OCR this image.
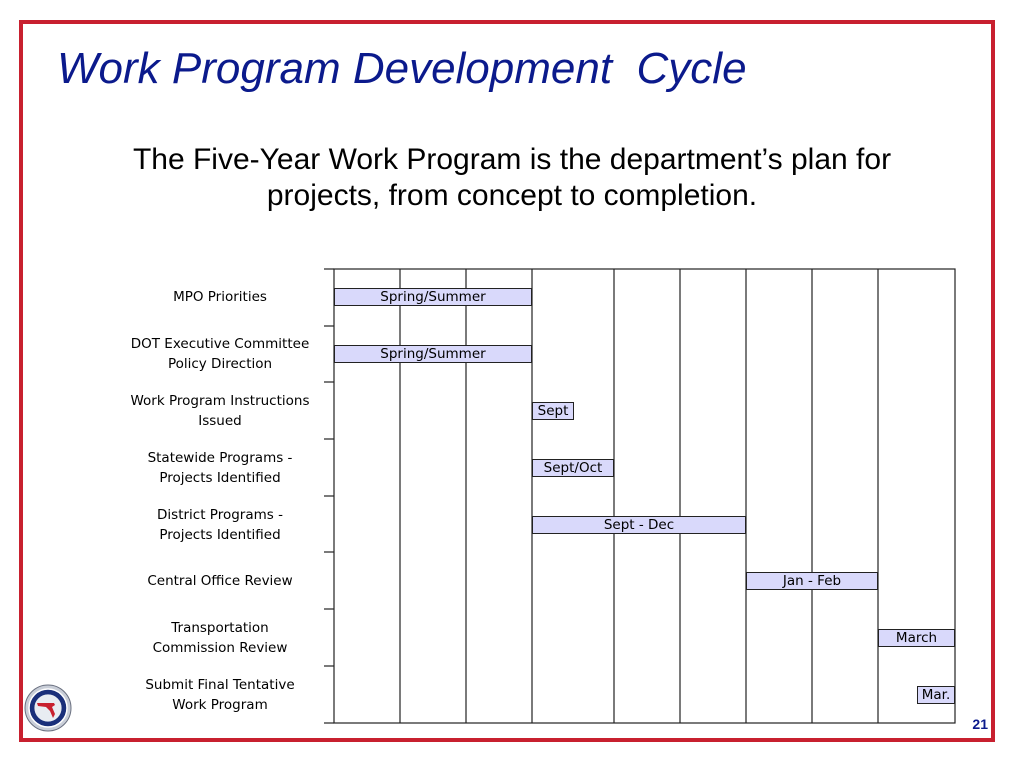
Work Program Development  Cycle
The Five-Year Work Program is the department’s plan for
projects, from concept to completion.
MPO Priorities
DOT Executive Committee
Policy Direction
Work Program Instructions
Issued
Statewide Programs -
Projects Identified
District Programs -
Projects Identified
Central Office Review
Transportation
Commission Review
Submit Final Tentative
Work Program
Spring/Summer
Spring/Summer
Sept
Sept/Oct
Sept - Dec
Jan - Feb
March
Mar.
21
